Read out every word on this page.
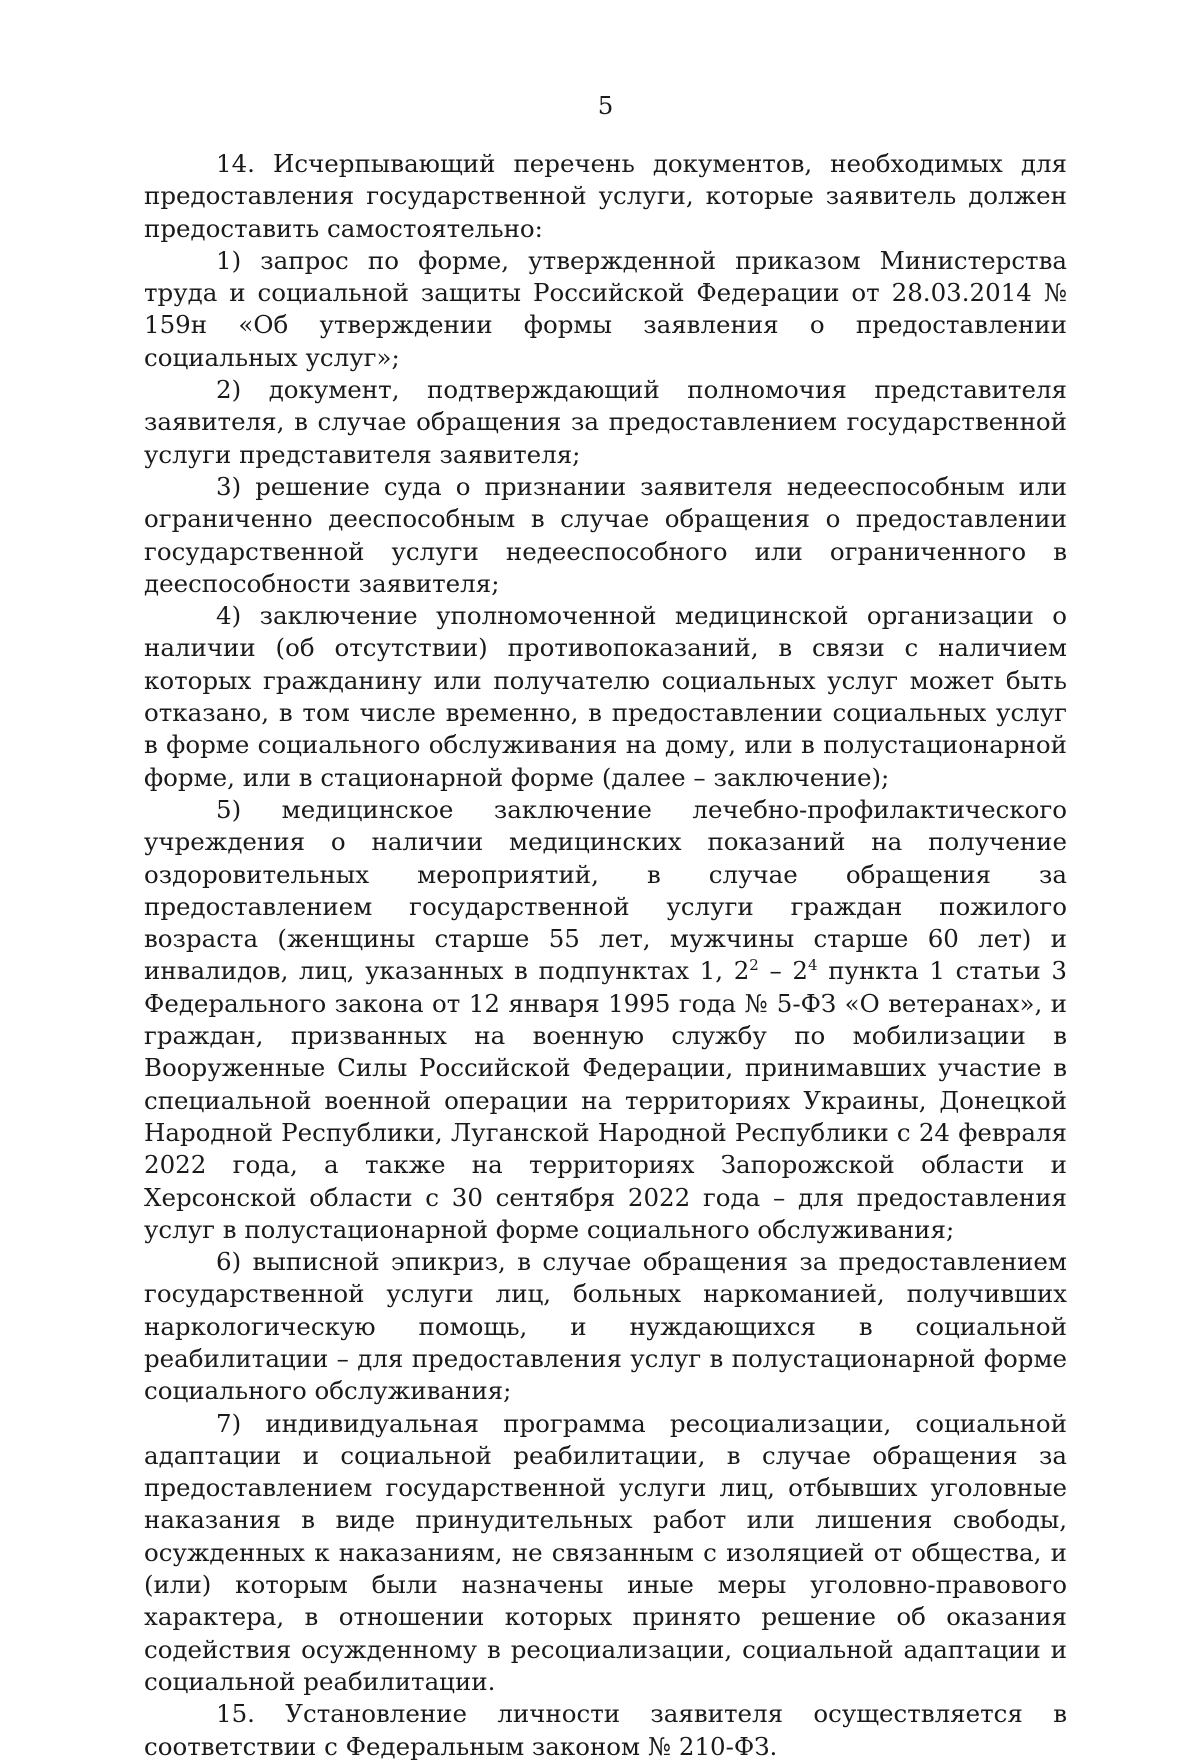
5

14. Исчерпывающий перечень документов, необходимых для предоставления государственной услуги, которые заявитель должен предоставить самостоятельно:

1) запрос по форме, утвержденной приказом Министерства труда и социальной защиты Российской Федерации от 28.03.2014 № 159н «Об утверждении формы заявления о предоставлении социальных услуг»;

2) документ, подтверждающий полномочия представителя заявителя, в случае обращения за предоставлением государственной услуги представителя заявителя;

3) решение суда о признании заявителя недееспособным или ограниченно дееспособным в случае обращения о предоставлении государственной услуги недееспособного или ограниченного в дееспособности заявителя;

4) заключение уполномоченной медицинской организации о наличии (об отсутствии) противопоказаний, в связи с наличием которых гражданину или получателю социальных услуг может быть отказано, в том числе временно, в предоставлении социальных услуг в форме социального обслуживания на дому, или в полустационарной форме, или в стационарной форме (далее – заключение);

5) медицинское заключение лечебно-профилактического учреждения о наличии медицинских показаний на получение оздоровительных мероприятий, в случае обращения за предоставлением государственной услуги граждан пожилого возраста (женщины старше 55 лет, мужчины старше 60 лет) и инвалидов, лиц, указанных в подпунктах 1, $2^2 - 2^4$ пункта 1 статьи 3 Федерального закона от 12 января 1995 года № 5-ФЗ «О ветеранах», и граждан, призванных на военную службу по мобилизации в Вооруженные Силы Российской Федерации, принимавших участие в специальной военной операции на территориях Украины, Донецкой Народной Республики, Луганской Народной Республики с 24 февраля 2022 года, а также на территориях Запорожской области и Херсонской области с 30 сентября 2022 года – для предоставления услуг в полустационарной форме социального обслуживания;

6) выписной эпикриз, в случае обращения за предоставлением государственной услуги лиц, больных наркоманией, получивших наркологическую помощь, и нуждающихся в социальной реабилитации – для предоставления услуг в полустационарной форме социального обслуживания;

7) индивидуальная программа ресоциализации, социальной адаптации и социальной реабилитации, в случае обращения за предоставлением государственной услуги лиц, отбывших уголовные наказания в виде принудительных работ или лишения свободы, осужденных к наказаниям, не связанным с изоляцией от общества, и (или) которым были назначены иные меры уголовно-правового характера, в отношении которых принято решение об оказания содействия осужденному в ресоциализации, социальной адаптации и социальной реабилитации.

15. Установление личности заявителя осуществляется в соответствии с Федеральным законом № 210-ФЗ.
